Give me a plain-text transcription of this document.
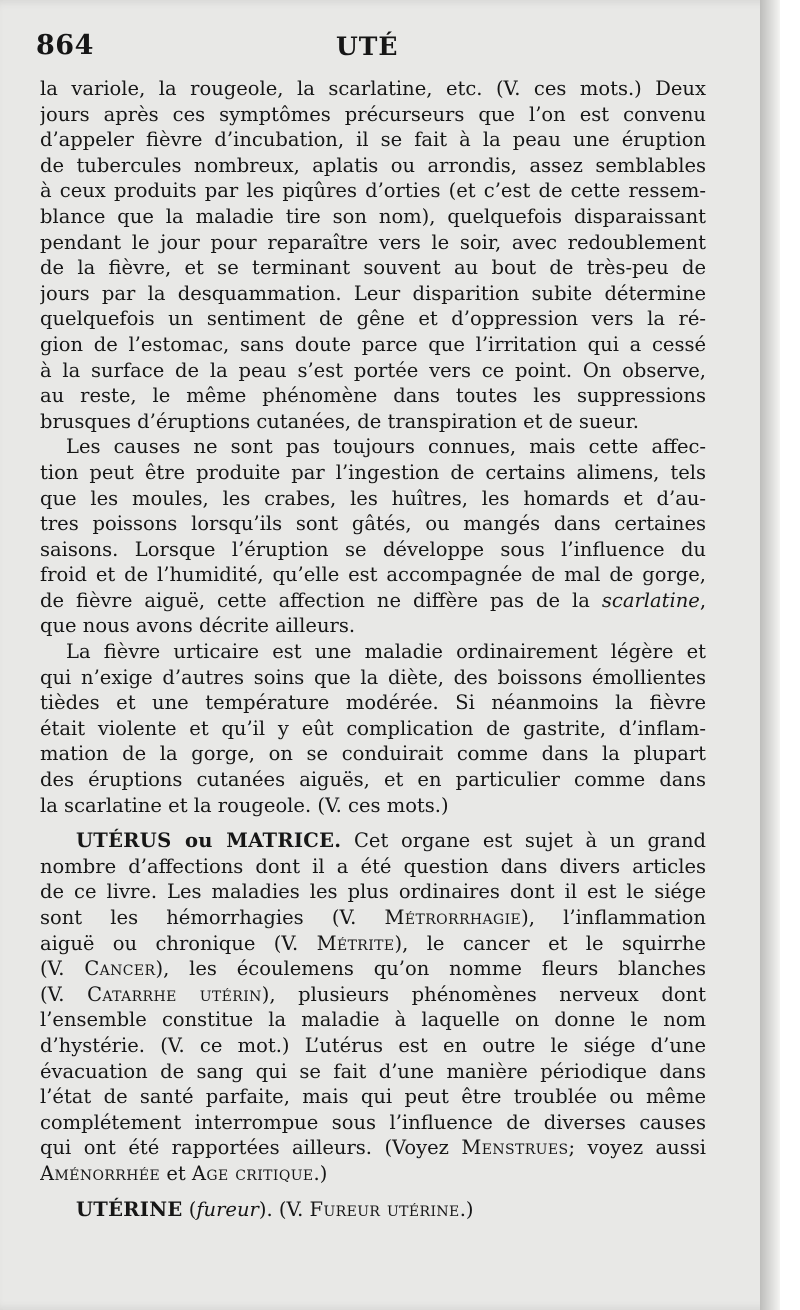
864	UTÉ
la variole, la rougeole, la scarlatine, etc. (V. ces mots.) Deux
jours après ces symptômes précurseurs que l’on est convenu
d’appeler fièvre d’incubation, il se fait à la peau une éruption
de tubercules nombreux, aplatis ou arrondis, assez semblables
à ceux produits par les piqûres d’orties (et c’est de cette ressem-
blance que la maladie tire son nom), quelquefois disparaissant
pendant le jour pour reparaître vers le soir, avec redoublement
de la fièvre, et se terminant souvent au bout de très-peu de
jours par la desquammation. Leur disparition subite détermine
quelquefois un sentiment de gêne et d’oppression vers la ré-
gion de l’estomac, sans doute parce que l’irritation qui a cessé
à la surface de la peau s’est portée vers ce point. On observe,
au reste, le même phénomène dans toutes les suppressions
brusques d’éruptions cutanées, de transpiration et de sueur.
Les causes ne sont pas toujours connues, mais cette affec-
tion peut être produite par l’ingestion de certains alimens, tels
que les moules, les crabes, les huîtres, les homards et d’au-
tres poissons lorsqu’ils sont gâtés, ou mangés dans certaines
saisons. Lorsque l’éruption se développe sous l’influence du
froid et de l’humidité, qu’elle est accompagnée de mal de gorge,
de fièvre aiguë, cette affection ne diffère pas de la scarlatine,
que nous avons décrite ailleurs.
La fièvre urticaire est une maladie ordinairement légère et
qui n’exige d’autres soins que la diète, des boissons émollientes
tièdes et une température modérée. Si néanmoins la fièvre
était violente et qu’il y eût complication de gastrite, d’inflam-
mation de la gorge, on se conduirait comme dans la plupart
des éruptions cutanées aiguës, et en particulier comme dans
la scarlatine et la rougeole. (V. ces mots.)
UTÉRUS ou MATRICE. Cet organe est sujet à un grand
nombre d’affections dont il a été question dans divers articles
de ce livre. Les maladies les plus ordinaires dont il est le siége
sont les hémorrhagies (V. Métrorrhagie), l’inflammation
aiguë ou chronique (V. Métrite), le cancer et le squirrhe
(V. Cancer), les écoulemens qu’on nomme fleurs blanches
(V. Catarrhe utérin), plusieurs phénomènes nerveux dont
l’ensemble constitue la maladie à laquelle on donne le nom
d’hystérie. (V. ce mot.) L’utérus est en outre le siége d’une
évacuation de sang qui se fait d’une manière périodique dans
l’état de santé parfaite, mais qui peut être troublée ou même
complétement interrompue sous l’influence de diverses causes
qui ont été rapportées ailleurs. (Voyez Menstrues; voyez aussi
Aménorrhée et Age critique.)
UTÉRINE (fureur). (V. Fureur utérine.)
